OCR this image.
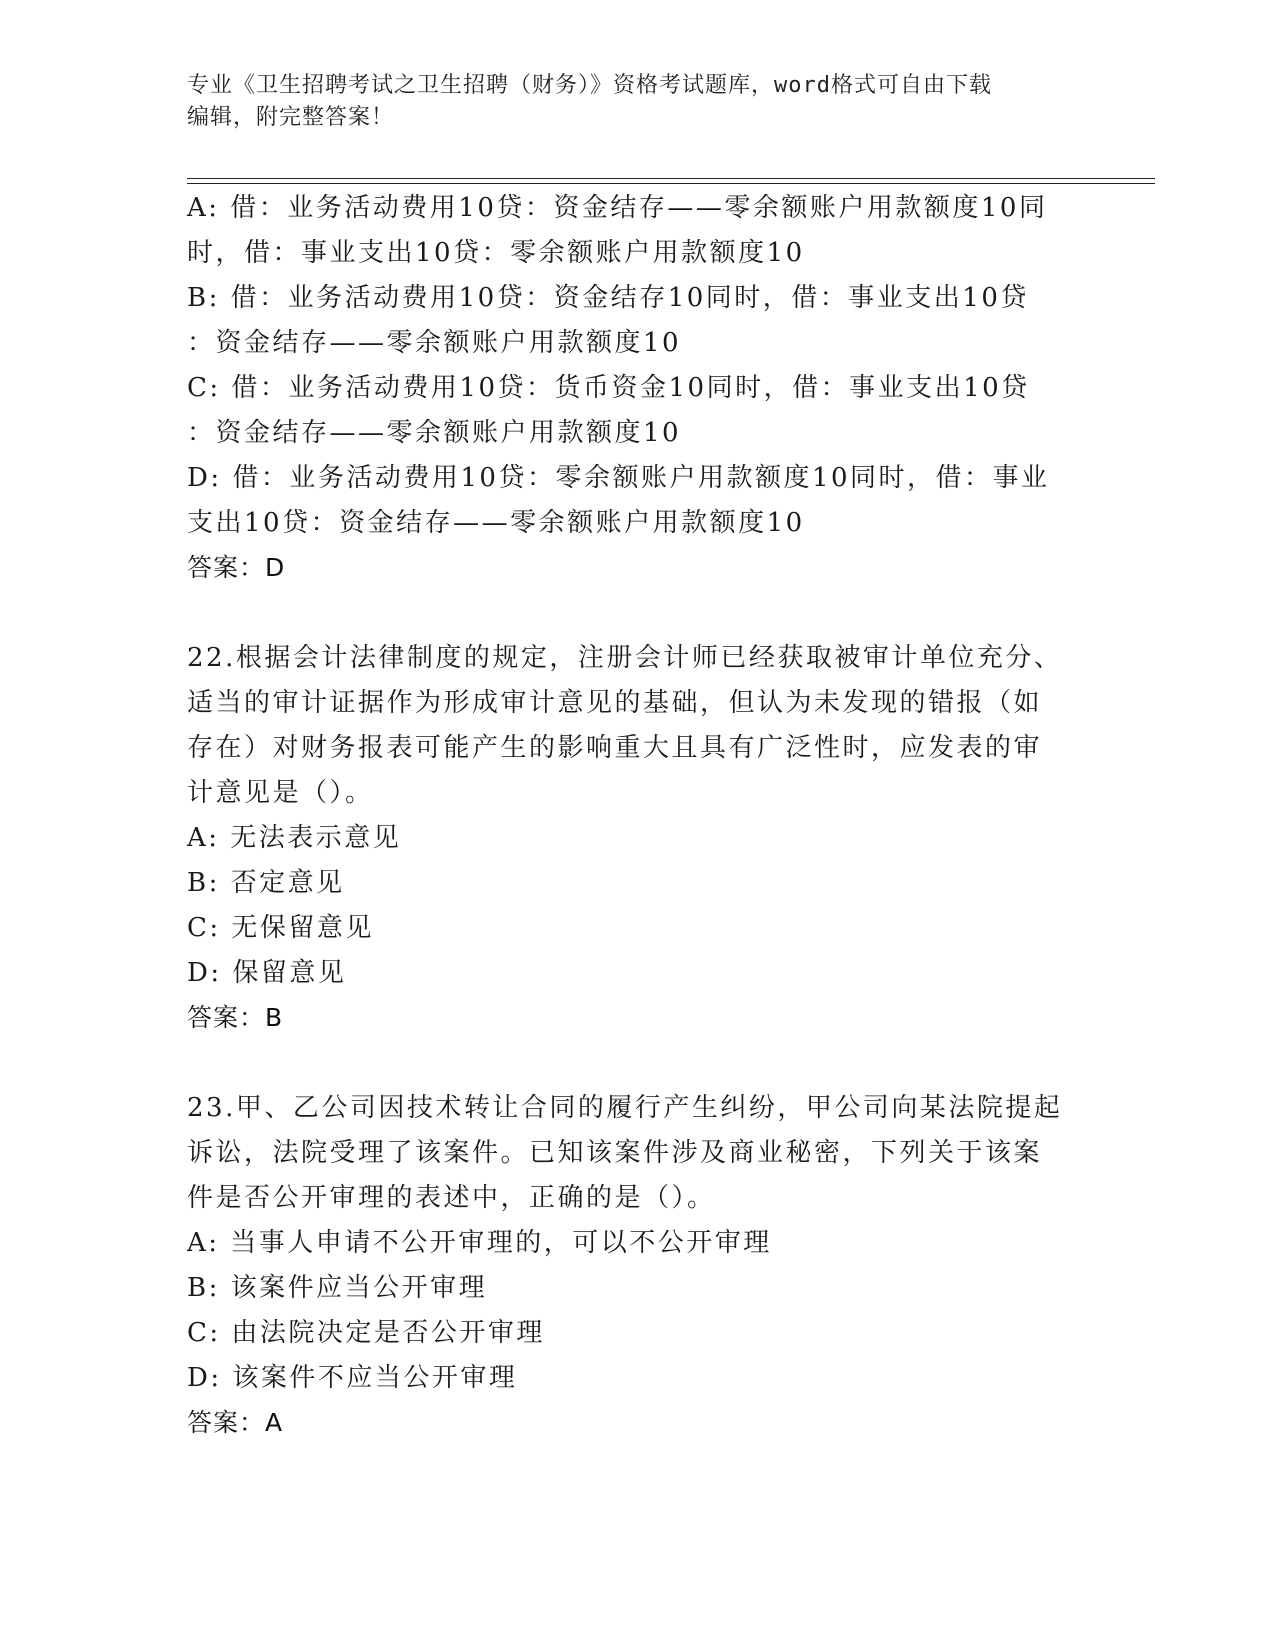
专业《卫生招聘考试之卫生招聘（财务）》资格考试题库，word格式可自由下载
编辑，附完整答案！
A: 借：业务活动费用10贷：资金结存——零余额账户用款额度10同
时，借：事业支出10贷：零余额账户用款额度10
B: 借：业务活动费用10贷：资金结存10同时，借：事业支出10贷
：资金结存——零余额账户用款额度10
C: 借：业务活动费用10贷：货币资金10同时，借：事业支出10贷
：资金结存——零余额账户用款额度10
D: 借：业务活动费用10贷：零余额账户用款额度10同时，借：事业
支出10贷：资金结存——零余额账户用款额度10
答案：D
22.根据会计法律制度的规定，注册会计师已经获取被审计单位充分、
适当的审计证据作为形成审计意见的基础，但认为未发现的错报（如
存在）对财务报表可能产生的影响重大且具有广泛性时，应发表的审
计意见是（）。
A: 无法表示意见
B: 否定意见
C: 无保留意见
D: 保留意见
答案：B
23.甲、乙公司因技术转让合同的履行产生纠纷，甲公司向某法院提起
诉讼，法院受理了该案件。已知该案件涉及商业秘密，下列关于该案
件是否公开审理的表述中，正确的是（）。
A: 当事人申请不公开审理的，可以不公开审理
B: 该案件应当公开审理
C: 由法院决定是否公开审理
D: 该案件不应当公开审理
答案：A
